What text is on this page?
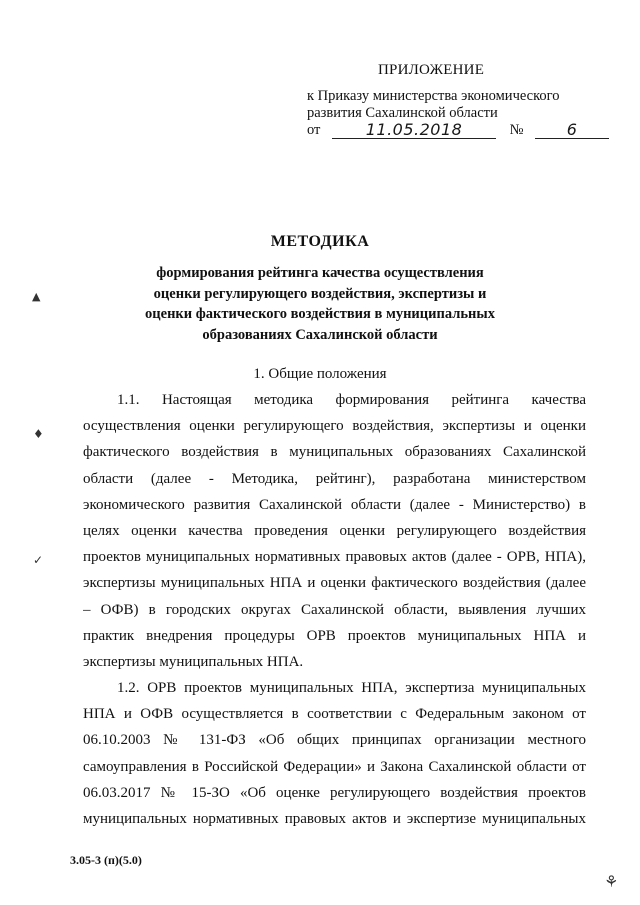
ПРИЛОЖЕНИЕ
к Приказу министерства экономического
развития Сахалинской области
от	11.05.2018	№	6
МЕТОДИКА
формирования рейтинга качества осуществления
оценки регулирующего воздействия, экспертизы и
оценки фактического воздействия в муниципальных
образованиях Сахалинской области
1. Общие положения
1.1. Настоящая методика формирования рейтинга качества
осуществления оценки регулирующего воздействия, экспертизы и оценки
фактического воздействия в муниципальных образованиях Сахалинской
области (далее - Методика, рейтинг), разработана министерством
экономического развития Сахалинской области (далее - Министерство) в
целях оценки качества проведения оценки регулирующего воздействия
проектов муниципальных нормативных правовых актов (далее - ОРВ, НПА),
экспертизы муниципальных НПА и оценки фактического воздействия (далее
– ОФВ) в городских округах Сахалинской области, выявления лучших
практик внедрения процедуры ОРВ проектов муниципальных НПА и
экспертизы муниципальных НПА.
1.2. ОРВ проектов муниципальных НПА, экспертиза муниципальных
НПА и ОФВ осуществляется в соответствии с Федеральным законом от
06.10.2003 № 131-ФЗ «Об общих принципах организации местного
самоуправления в Российской Федерации» и Закона Сахалинской области от
06.03.2017 № 15-ЗО «Об оценке регулирующего воздействия проектов
муниципальных нормативных правовых актов и экспертизе муниципальных
3.05-3 (п)(5.0)
▲
♦
✓
⚘
